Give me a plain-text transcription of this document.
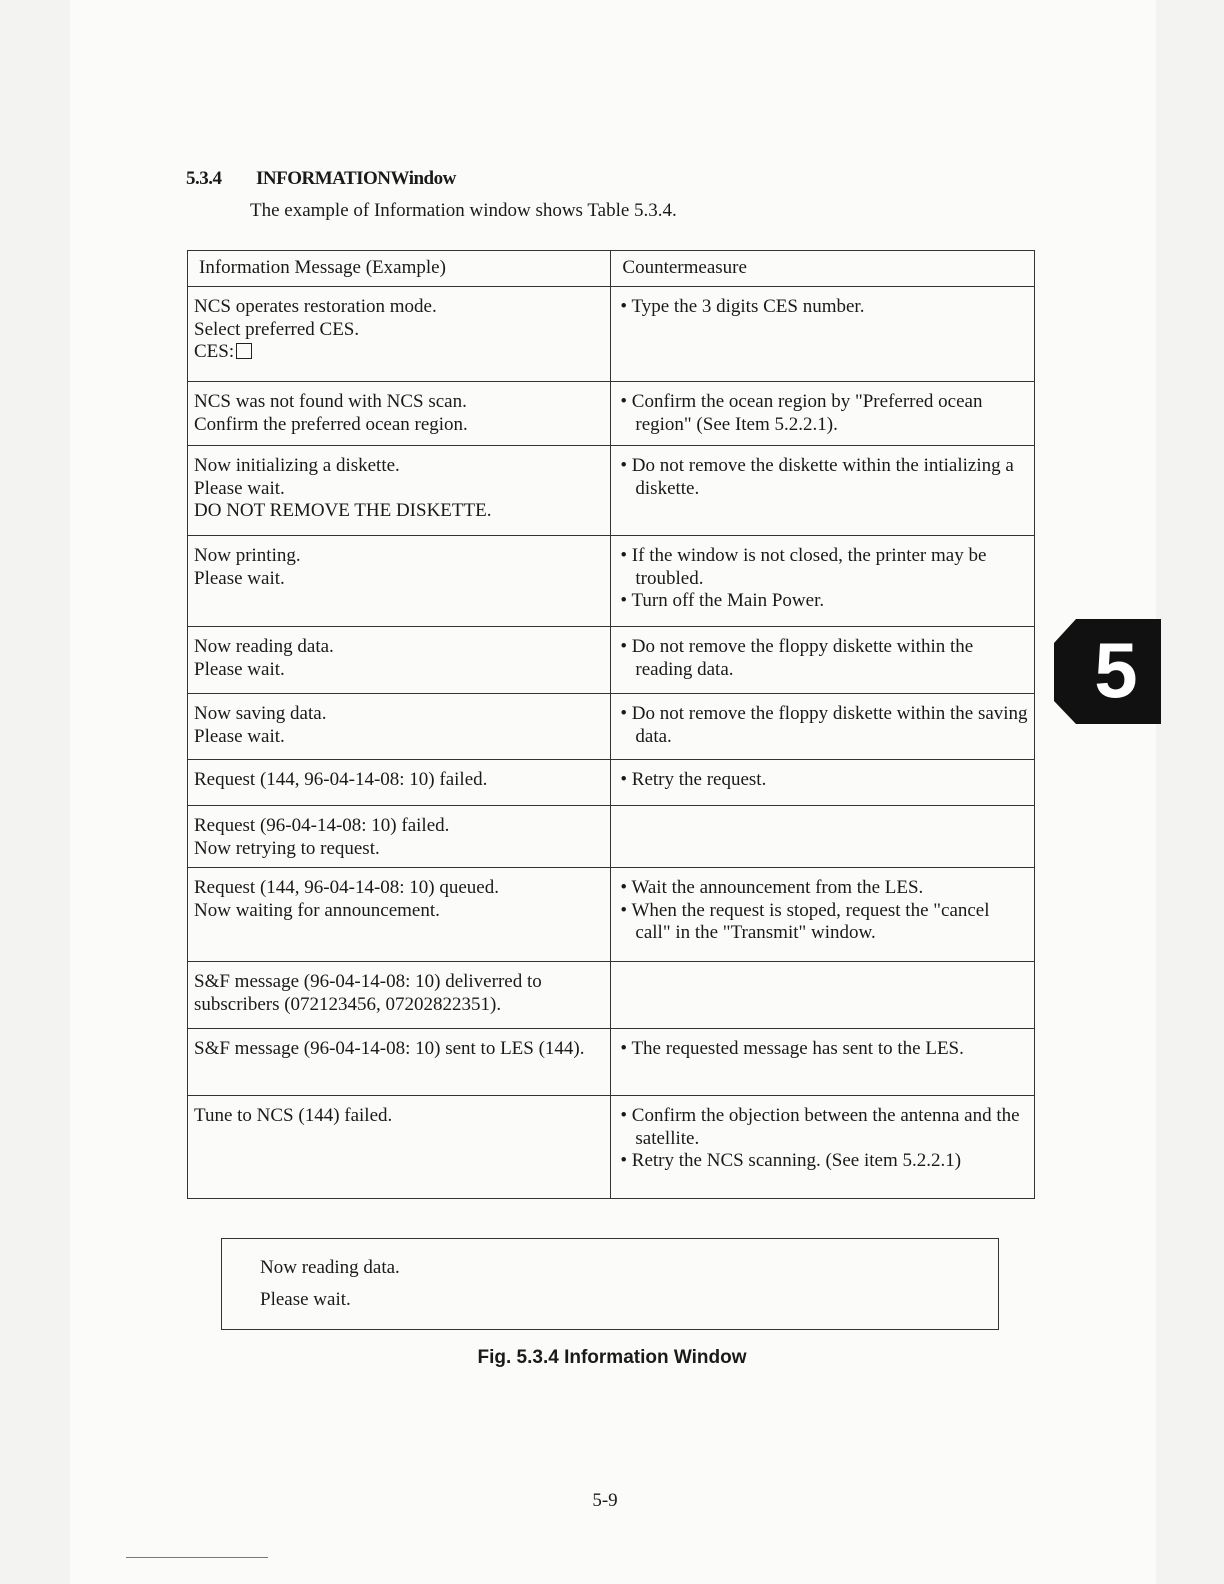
5.3.4 INFORMATIONWindow
The example of Information window shows Table 5.3.4.
Information Message (Example)	Countermeasure

NCS operates restoration mode.
Select preferred CES.
CES:	• Type the 3 digits CES number.

NCS was not found with NCS scan.
Confirm the preferred ocean region.	• Confirm the ocean region by "Preferred ocean region" (See Item 5.2.2.1).

Now initializing a diskette.
Please wait.
DO NOT REMOVE THE DISKETTE.	• Do not remove the diskette within the intializing a diskette.

Now printing.
Please wait.	• If the window is not closed, the printer may be troubled.
• Turn off the Main Power.

Now reading data.
Please wait.	• Do not remove the floppy diskette within the reading data.

Now saving data.
Please wait.	• Do not remove the floppy diskette within the saving data.

Request (144, 96-04-14-08: 10) failed.	• Retry the request.

Request (96-04-14-08: 10) failed.
Now retrying to request.	

Request (144, 96-04-14-08: 10) queued.
Now waiting for announcement.	• Wait the announcement from the LES.
• When the request is stoped, request the "cancel call" in the "Transmit" window.

S&F message (96-04-14-08: 10) deliverred to subscribers (072123456, 07202822351).	

S&F message (96-04-14-08: 10) sent to LES (144).	• The requested message has sent to the LES.

Tune to NCS (144) failed.	• Confirm the objection between the antenna and the satellite.
• Retry the NCS scanning. (See item 5.2.2.1)
Now reading data.
Please wait.
Fig. 5.3.4 Information Window
5-9
5
